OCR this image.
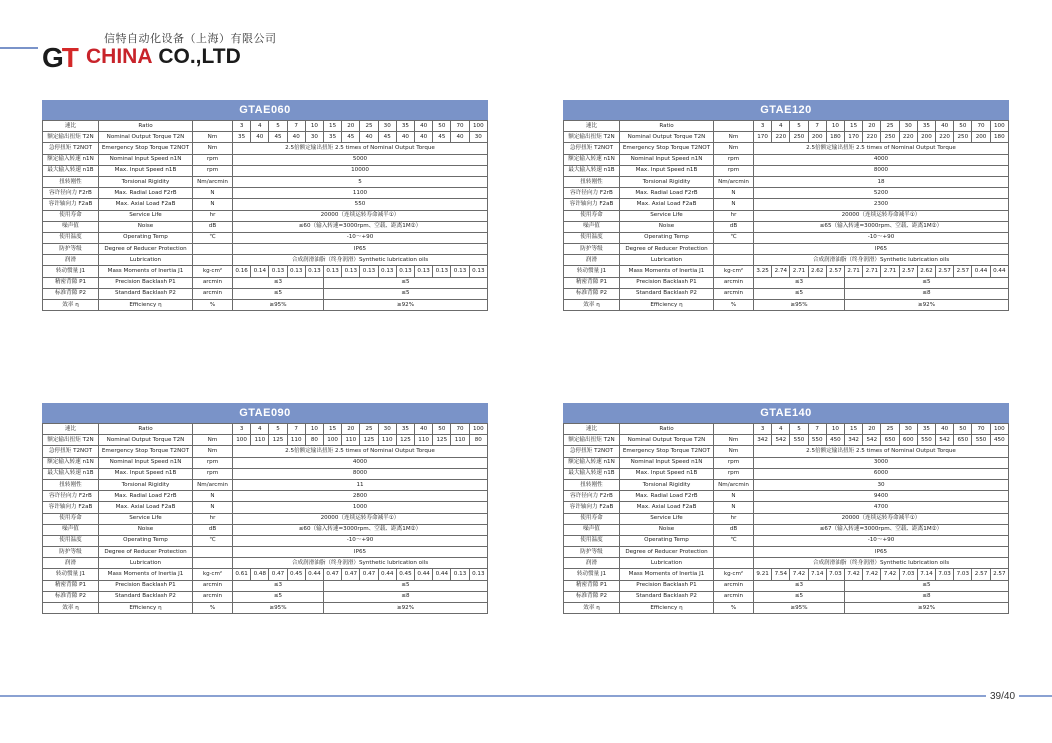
信特自动化设备（上海）有限公司
GT CHINA CO.,LTD
GTAE060
速比	Ratio		3	4	5	7	10	15	20	25	30	35	40	50	70	100
额定输出扭矩 T2N	Nominal Output Torque T2N	Nm	35	40	45	40	30	35	45	40	45	40	40	45	40	30
急停扭矩 T2NOT	Emergency Stop Torque T2NOT	Nm	2.5倍额定输出扭矩 2.5 times of Nominal Output Torque													
额定输入转速 n1N	Nominal Input Speed n1N	rpm	5000													
最大输入转速 n1B	Max. Input Speed n1B	rpm	10000													
扭转刚性	Torsional Rigidity	Nm/arcmin	5													
容许径向力 F2rB	Max. Radial Load F2rB	N	1100													
容许轴向力 F2aB	Max. Axial Load F2aB	N	550													
使用寿命	Service Life	hr	20000（连续运转寿命减半①）													
噪声值	Noise	dB	≤60（输入转速=3000rpm、空载、距离1M②）													
使用温度	Operating Temp	℃	-10～+90													
防护等级	Degree of Reducer Protection		IP65													
润滑	Lubrication		合成润滑油脂（终身润滑）Synthetic lubrication oils													
转动惯量 J1	Mass Moments of Inertia J1	kg·cm²	0.16	0.14	0.13	0.13	0.13	0.13	0.13	0.13	0.13	0.13	0.13	0.13	0.13	0.13
精密背隙 P1	Precision Backlash P1	arcmin	≤3					≤5								
标准背隙 P2	Standard Backlash P2	arcmin	≤5					≤5								
效率 η	Efficiency η	%	≥95%					≥92%								
GTAE120
速比	Ratio		3	4	5	7	10	15	20	25	30	35	40	50	70	100
额定输出扭矩 T2N	Nominal Output Torque T2N	Nm	170	220	250	200	180	170	220	250	220	200	220	250	200	180
急停扭矩 T2NOT	Emergency Stop Torque T2NOT	Nm	2.5倍额定输出扭矩 2.5 times of Nominal Output Torque													
额定输入转速 n1N	Nominal Input Speed n1N	rpm	4000													
最大输入转速 n1B	Max. Input Speed n1B	rpm	8000													
扭转刚性	Torsional Rigidity	Nm/arcmin	18													
容许径向力 F2rB	Max. Radial Load F2rB	N	5200													
容许轴向力 F2aB	Max. Axial Load F2aB	N	2300													
使用寿命	Service Life	hr	20000（连续运转寿命减半①）													
噪声值	Noise	dB	≤65（输入转速=3000rpm、空载、距离1M②）													
使用温度	Operating Temp	℃	-10～+90													
防护等级	Degree of Reducer Protection		IP65													
润滑	Lubrication		合成润滑油脂（终身润滑）Synthetic lubrication oils													
转动惯量 J1	Mass Moments of Inertia J1	kg·cm²	3.25	2.74	2.71	2.62	2.57	2.71	2.71	2.71	2.57	2.62	2.57	2.57	0.44	0.44
精密背隙 P1	Precision Backlash P1	arcmin	≤3					≤5								
标准背隙 P2	Standard Backlash P2	arcmin	≤5					≤8								
效率 η	Efficiency η	%	≥95%					≥92%								
GTAE090
速比	Ratio		3	4	5	7	10	15	20	25	30	35	40	50	70	100
额定输出扭矩 T2N	Nominal Output Torque T2N	Nm	100	110	125	110	80	100	110	125	110	125	110	125	110	80
急停扭矩 T2NOT	Emergency Stop Torque T2NOT	Nm	2.5倍额定输出扭矩 2.5 times of Nominal Output Torque													
额定输入转速 n1N	Nominal Input Speed n1N	rpm	4000													
最大输入转速 n1B	Max. Input Speed n1B	rpm	8000													
扭转刚性	Torsional Rigidity	Nm/arcmin	11													
容许径向力 F2rB	Max. Radial Load F2rB	N	2800													
容许轴向力 F2aB	Max. Axial Load F2aB	N	1000													
使用寿命	Service Life	hr	20000（连续运转寿命减半①）													
噪声值	Noise	dB	≤60（输入转速=3000rpm、空载、距离1M②）													
使用温度	Operating Temp	℃	-10～+90													
防护等级	Degree of Reducer Protection		IP65													
润滑	Lubrication		合成润滑油脂（终身润滑）Synthetic lubrication oils													
转动惯量 J1	Mass Moments of Inertia J1	kg·cm²	0.61	0.48	0.47	0.45	0.44	0.47	0.47	0.47	0.44	0.45	0.44	0.44	0.13	0.13
精密背隙 P1	Precision Backlash P1	arcmin	≤3					≤5								
标准背隙 P2	Standard Backlash P2	arcmin	≤5					≤8								
效率 η	Efficiency η	%	≥95%					≥92%								
GTAE140
速比	Ratio		3	4	5	7	10	15	20	25	30	35	40	50	70	100
额定输出扭矩 T2N	Nominal Output Torque T2N	Nm	342	542	550	550	450	342	542	650	600	550	542	650	550	450
急停扭矩 T2NOT	Emergency Stop Torque T2NOT	Nm	2.5倍额定输出扭矩 2.5 times of Nominal Output Torque													
额定输入转速 n1N	Nominal Input Speed n1N	rpm	3000													
最大输入转速 n1B	Max. Input Speed n1B	rpm	6000													
扭转刚性	Torsional Rigidity	Nm/arcmin	30													
容许径向力 F2rB	Max. Radial Load F2rB	N	9400													
容许轴向力 F2aB	Max. Axial Load F2aB	N	4700													
使用寿命	Service Life	hr	20000（连续运转寿命减半①）													
噪声值	Noise	dB	≤67（输入转速=3000rpm、空载、距离1M②）													
使用温度	Operating Temp	℃	-10～+90													
防护等级	Degree of Reducer Protection		IP65													
润滑	Lubrication		合成润滑油脂（终身润滑）Synthetic lubrication oils													
转动惯量 J1	Mass Moments of Inertia J1	kg·cm²	9.21	7.54	7.42	7.14	7.03	7.42	7.42	7.42	7.03	7.14	7.03	7.03	2.57	2.57
精密背隙 P1	Precision Backlash P1	arcmin	≤3					≤5								
标准背隙 P2	Standard Backlash P2	arcmin	≤5					≤8								
效率 η	Efficiency η	%	≥95%					≥92%								
39/40
